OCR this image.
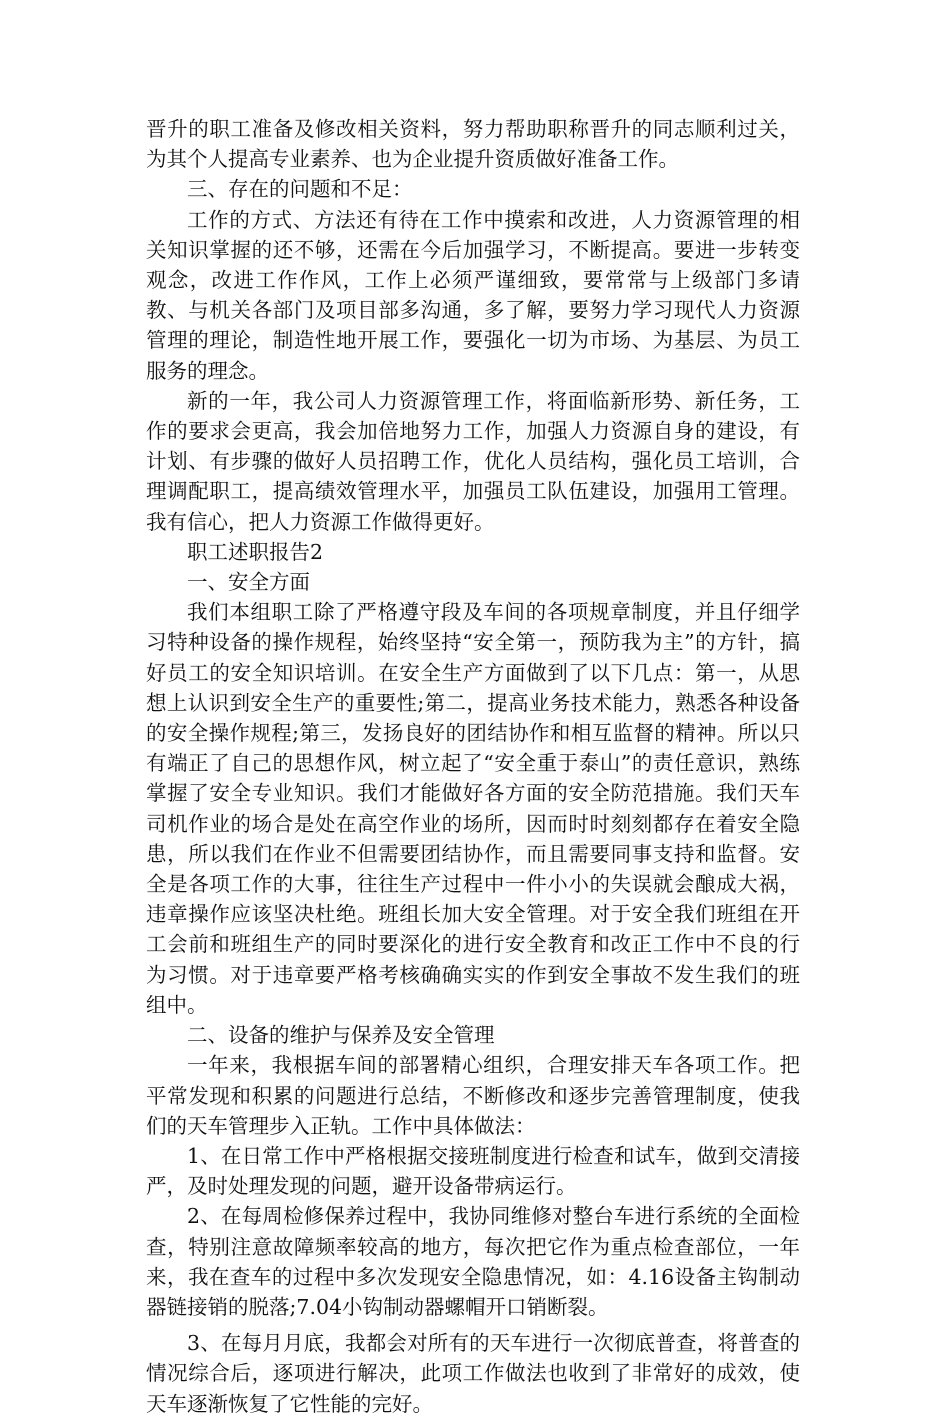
晋升的职工准备及修改相关资料，努力帮助职称晋升的同志顺利过关，为其个人提高专业素养、也为企业提升资质做好准备工作。

三、存在的问题和不足：

工作的方式、方法还有待在工作中摸索和改进，人力资源管理的相关知识掌握的还不够，还需在今后加强学习，不断提高。要进一步转变观念，改进工作作风，工作上必须严谨细致，要常常与上级部门多请教、与机关各部门及项目部多沟通，多了解，要努力学习现代人力资源管理的理论，制造性地开展工作，要强化一切为市场、为基层、为员工服务的理念。

新的一年，我公司人力资源管理工作，将面临新形势、新任务，工作的要求会更高，我会加倍地努力工作，加强人力资源自身的建设，有计划、有步骤的做好人员招聘工作，优化人员结构，强化员工培训，合理调配职工，提高绩效管理水平，加强员工队伍建设，加强用工管理。我有信心，把人力资源工作做得更好。

职工述职报告2

一、安全方面

我们本组职工除了严格遵守段及车间的各项规章制度，并且仔细学习特种设备的操作规程，始终坚持“安全第一，预防我为主”的方针，搞好员工的安全知识培训。在安全生产方面做到了以下几点：第一，从思想上认识到安全生产的重要性;第二，提高业务技术能力，熟悉各种设备的安全操作规程;第三，发扬良好的团结协作和相互监督的精神。所以只有端正了自己的思想作风，树立起了“安全重于泰山”的责任意识，熟练掌握了安全专业知识。我们才能做好各方面的安全防范措施。我们天车司机作业的场合是处在高空作业的场所，因而时时刻刻都存在着安全隐患，所以我们在作业不但需要团结协作，而且需要同事支持和监督。安全是各项工作的大事，往往生产过程中一件小小的失误就会酿成大祸，违章操作应该坚决杜绝。班组长加大安全管理。对于安全我们班组在开工会前和班组生产的同时要深化的进行安全教育和改正工作中不良的行为习惯。对于违章要严格考核确确实实的作到安全事故不发生我们的班组中。

二、设备的维护与保养及安全管理

一年来，我根据车间的部署精心组织，合理安排天车各项工作。把平常发现和积累的问题进行总结，不断修改和逐步完善管理制度，使我们的天车管理步入正轨。工作中具体做法：

1、在日常工作中严格根据交接班制度进行检查和试车，做到交清接严，及时处理发现的问题，避开设备带病运行。

2、在每周检修保养过程中，我协同维修对整台车进行系统的全面检查，特别注意故障频率较高的地方，每次把它作为重点检查部位，一年来，我在查车的过程中多次发现安全隐患情况，如：4.16设备主钩制动器链接销的脱落;7.04小钩制动器螺帽开口销断裂。

3、在每月月底，我都会对所有的天车进行一次彻底普查，将普查的情况综合后，逐项进行解决，此项工作做法也收到了非常好的成效，使天车逐渐恢复了它性能的完好。
